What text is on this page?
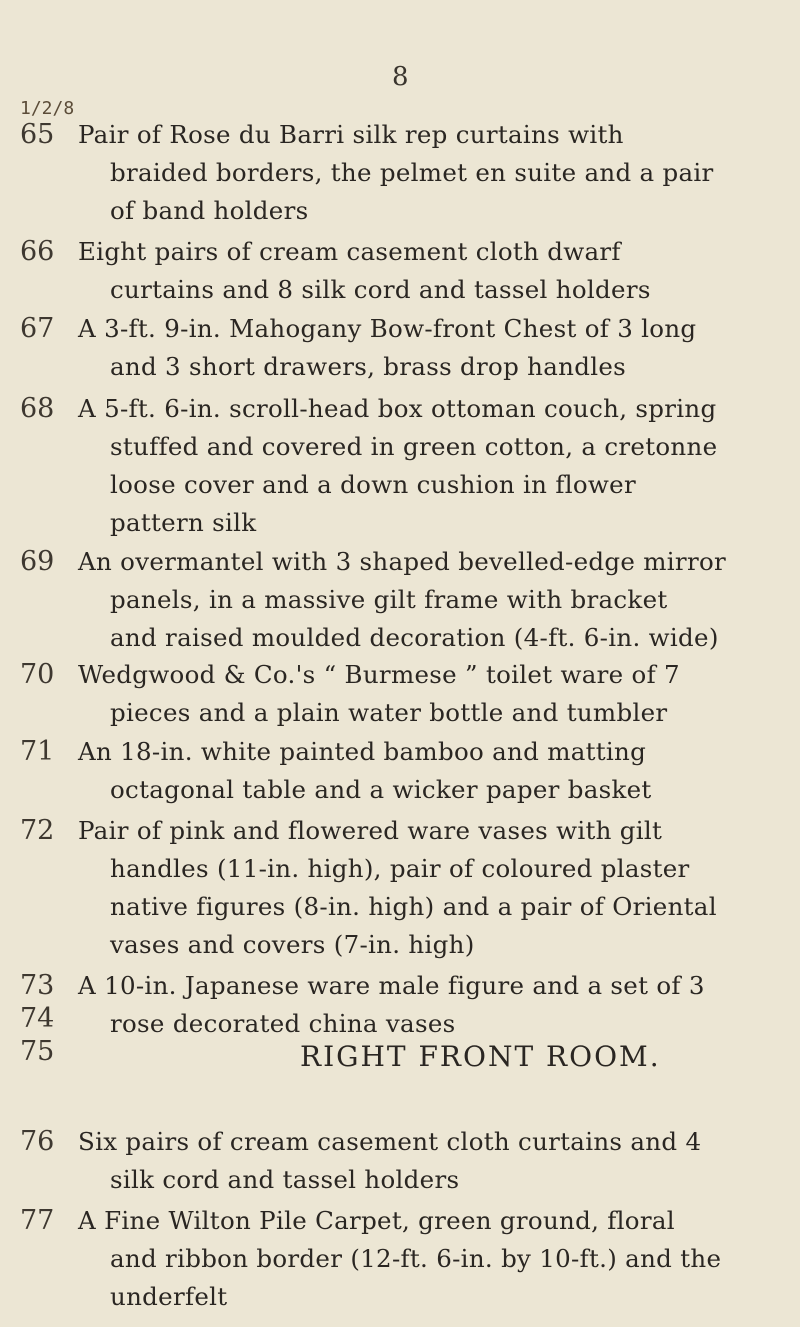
8
1/2/8
65 Pair of Rose du Barri silk rep curtains with
braided borders, the pelmet en suite and a pair
of band holders
66 Eight pairs of cream casement cloth dwarf
curtains and 8 silk cord and tassel holders
67 A 3-ft. 9-in. Mahogany Bow-front Chest of 3 long
and 3 short drawers, brass drop handles
68 A 5-ft. 6-in. scroll-head box ottoman couch, spring
stuffed and covered in green cotton, a cretonne
loose cover and a down cushion in flower
pattern silk
69 An overmantel with 3 shaped bevelled-edge mirror
panels, in a massive gilt frame with bracket
and raised moulded decoration (4-ft. 6-in. wide)
70 Wedgwood & Co.'s “ Burmese ” toilet ware of 7
pieces and a plain water bottle and tumbler
71 An 18-in. white painted bamboo and matting
octagonal table and a wicker paper basket
72 Pair of pink and flowered ware vases with gilt
handles (11-in. high), pair of coloured plaster
native figures (8-in. high) and a pair of Oriental
vases and covers (7-in. high)
73 A 10-in. Japanese ware male figure and a set of 3
rose decorated china vases
74
75
76 Six pairs of cream casement cloth curtains and 4
silk cord and tassel holders
77 A Fine Wilton Pile Carpet, green ground, floral
and ribbon border (12-ft. 6-in. by 10-ft.) and the
underfelt
RIGHT FRONT ROOM.
